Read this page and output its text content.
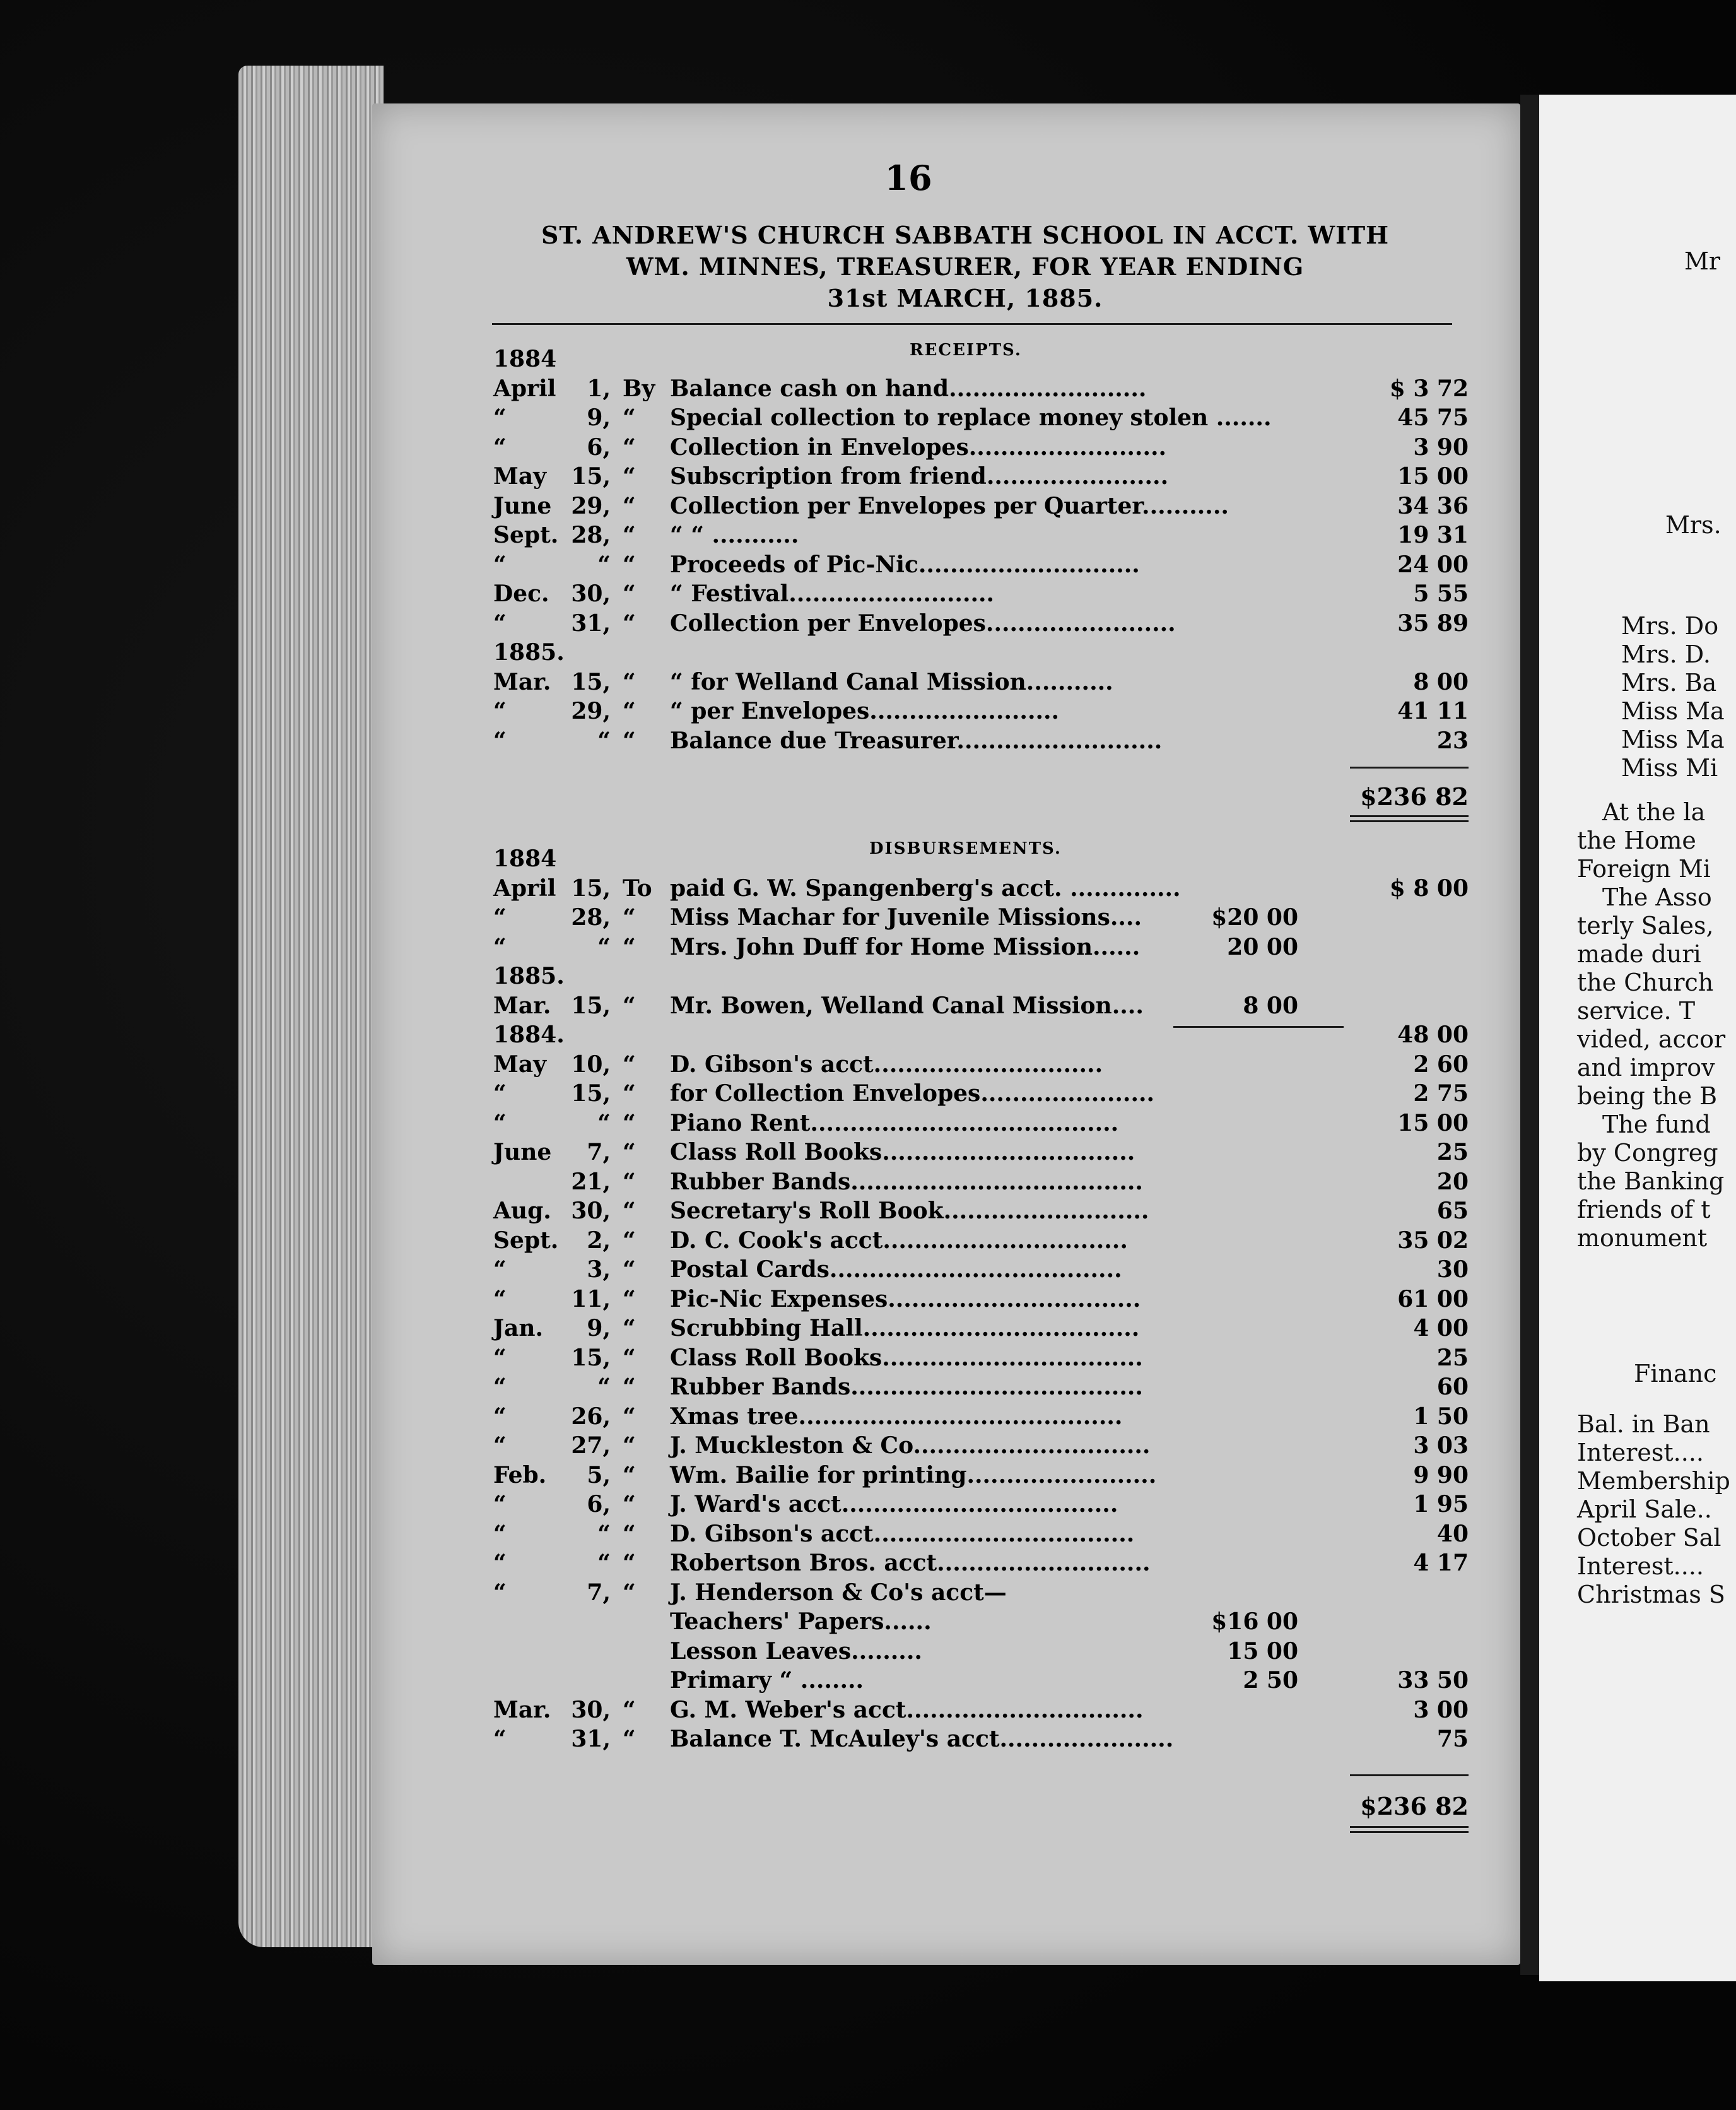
Mr
Mrs.
Mrs. Do
Mrs. D.
Mrs. Ba
Miss Ma
Miss Ma
Miss Mi
At the la
the Home
Foreign Mi
The Asso
terly Sales,
made duri
the Church
service. T
vided, accor
and improv
being the B
The fund
by Congreg
the Banking
friends of t
monument
Financ
Bal. in Ban
Interest....
Membership
April Sale..
October Sal
Interest....
Christmas S
16
ST. ANDREW'S CHURCH SABBATH SCHOOL IN ACCT. WITH
WM. MINNES, TREASURER, FOR YEAR ENDING
31st MARCH, 1885.
RECEIPTS.
1884
April	1, By Balance cash on hand.........................	$ 3 72
“	9, “ Special collection to replace money stolen .......	45 75
“	6, “ Collection in Envelopes.........................	3 90
May	15, “ Subscription from friend.......................	15 00
June 29, “ Collection per Envelopes per Quarter...........	34 36
Sept. 28, “ “ “ ...........	19 31
“	“ “ Proceeds of Pic-Nic............................	24 00
Dec. 30, “ “ Festival..........................	5 55
“	31, “ Collection per Envelopes........................	35 89
1885.
Mar. 15, “ “ for Welland Canal Mission...........	8 00
“	29, “ “ per Envelopes........................	41 11
“	“ “ Balance due Treasurer..........................	23
$236 82
DISBURSEMENTS.
1884
April 15, To paid G. W. Spangenberg's acct. ..............	$ 8 00
“	28, “ Miss Machar for Juvenile Missions....	$20 00
“	“ “ Mrs. John Duff for Home Mission......	20 00
1885.
Mar. 15, “ Mr. Bowen, Welland Canal Mission....	8 00
1884.	48 00
May	10, “ D. Gibson's acct.............................	2 60
“	15, “ for Collection Envelopes......................	2 75
“	“ “ Piano Rent.......................................	15 00
June	7, “ Class Roll Books................................	25
21, “ Rubber Bands.....................................	20
Aug. 30, “ Secretary's Roll Book..........................	65
Sept.	2, “ D. C. Cook's acct...............................	35 02
“	3, “ Postal Cards.....................................	30
“	11, “ Pic-Nic Expenses................................	61 00
Jan.	9, “ Scrubbing Hall...................................	4 00
“	15, “ Class Roll Books.................................	25
“	“ “ Rubber Bands.....................................	60
“	26, “ Xmas tree.........................................	1 50
“	27, “ J. Muckleston & Co..............................	3 03
Feb.	5, “ Wm. Bailie for printing........................	9 90
“	6, “ J. Ward's acct...................................	1 95
“	“ “ D. Gibson's acct.................................	40
“	“ “ Robertson Bros. acct...........................	4 17
“	7, “ J. Henderson & Co's acct—
Teachers' Papers......	$16 00
Lesson Leaves.........	15 00
Primary “ ........	2 50	33 50
Mar. 30, “ G. M. Weber's acct..............................	3 00
“	31, “ Balance T. McAuley's acct......................	75
$236 82
